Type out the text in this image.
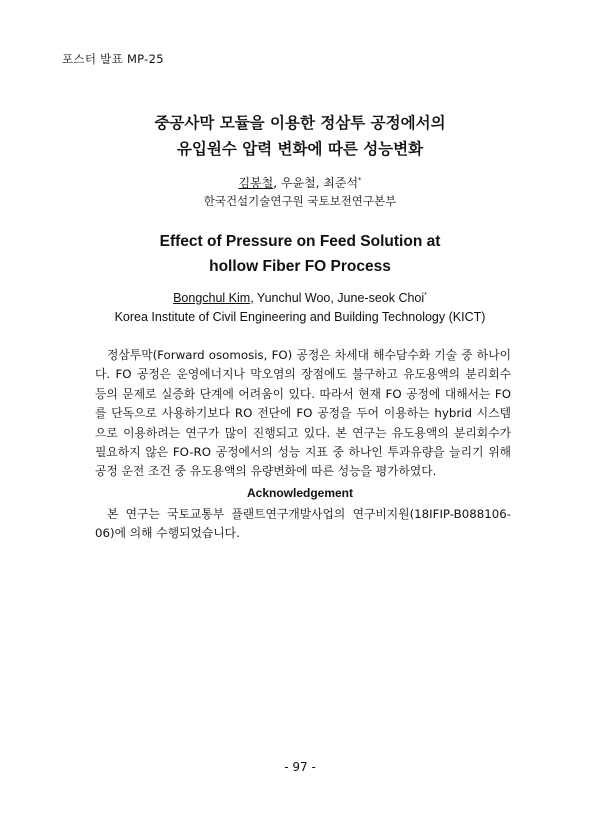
포스터 발표 MP-25
중공사막 모듈을 이용한 정삼투 공정에서의
유입원수 압력 변화에 따른 성능변화
김봉철, 우윤철, 최준석*
한국건설기술연구원 국토보전연구본부
Effect of Pressure on Feed Solution at
hollow Fiber FO Process
Bongchul Kim, Yunchul Woo, June-seok Choi*
Korea Institute of Civil Engineering and Building Technology (KICT)

정삼투막(Forward osomosis, FO) 공정은 차세대 해수담수화 기술 중 하나이다. FO 공정은 운영에너지나 막오염의 장점에도 불구하고 유도용액의 분리회수 등의 문제로 실증화 단계에 어려움이 있다. 따라서 현재 FO 공정에 대해서는 FO를 단독으로 사용하기보다 RO 전단에 FO 공정을 두어 이용하는 hybrid 시스템으로 이용하려는 연구가 많이 진행되고 있다. 본 연구는 유도용액의 분리회수가 필요하지 않은 FO-RO 공정에서의 성능 지표 중 하나인 투과유량을 늘리기 위해 공정 운전 조건 중 유도용액의 유량변화에 따른 성능을 평가하였다.

Acknowledgement

본 연구는 국토교통부 플랜트연구개발사업의 연구비지원(18IFIP-B088106-06)에 의해 수행되었습니다.

- 97 -
